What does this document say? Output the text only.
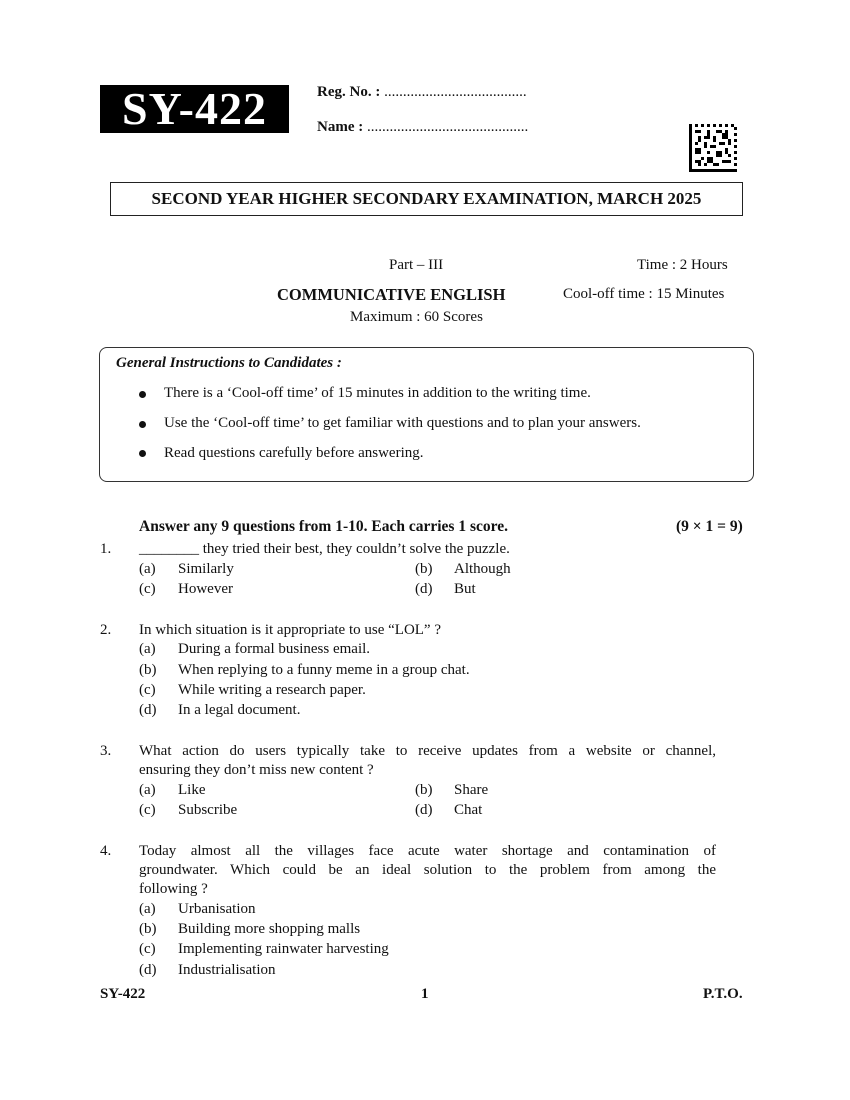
SY-422	Reg. No. : ......................................
Name : ...........................................
SECOND YEAR HIGHER SECONDARY EXAMINATION, MARCH 2025
Part – III	Time : 2 Hours
COMMUNICATIVE ENGLISH	Cool-off time : 15 Minutes
Maximum : 60 Scores
General Instructions to Candidates :
There is a ‘Cool-off time’ of 15 minutes in addition to the writing time.
Use the ‘Cool-off time’ to get familiar with questions and to plan your answers.
Read questions carefully before answering.
Answer any 9 questions from 1-10. Each carries 1 score.	(9 × 1 = 9)
1. ________ they tried their best, they couldn’t solve the puzzle.
(a) Similarly	(b) Although
(c) However	(d) But
2. In which situation is it appropriate to use “LOL” ?
(a) During a formal business email.
(b) When replying to a funny meme in a group chat.
(c) While writing a research paper.
(d) In a legal document.
3. What action do users typically take to receive updates from a website or channel,
ensuring they don’t miss new content ?
(a) Like	(b) Share
(c) Subscribe	(d) Chat
4. Today almost all the villages face acute water shortage and contamination of
groundwater. Which could be an ideal solution to the problem from among the
following ?
(a) Urbanisation
(b) Building more shopping malls
(c) Implementing rainwater harvesting
(d) Industrialisation
SY-422	1	P.T.O.
